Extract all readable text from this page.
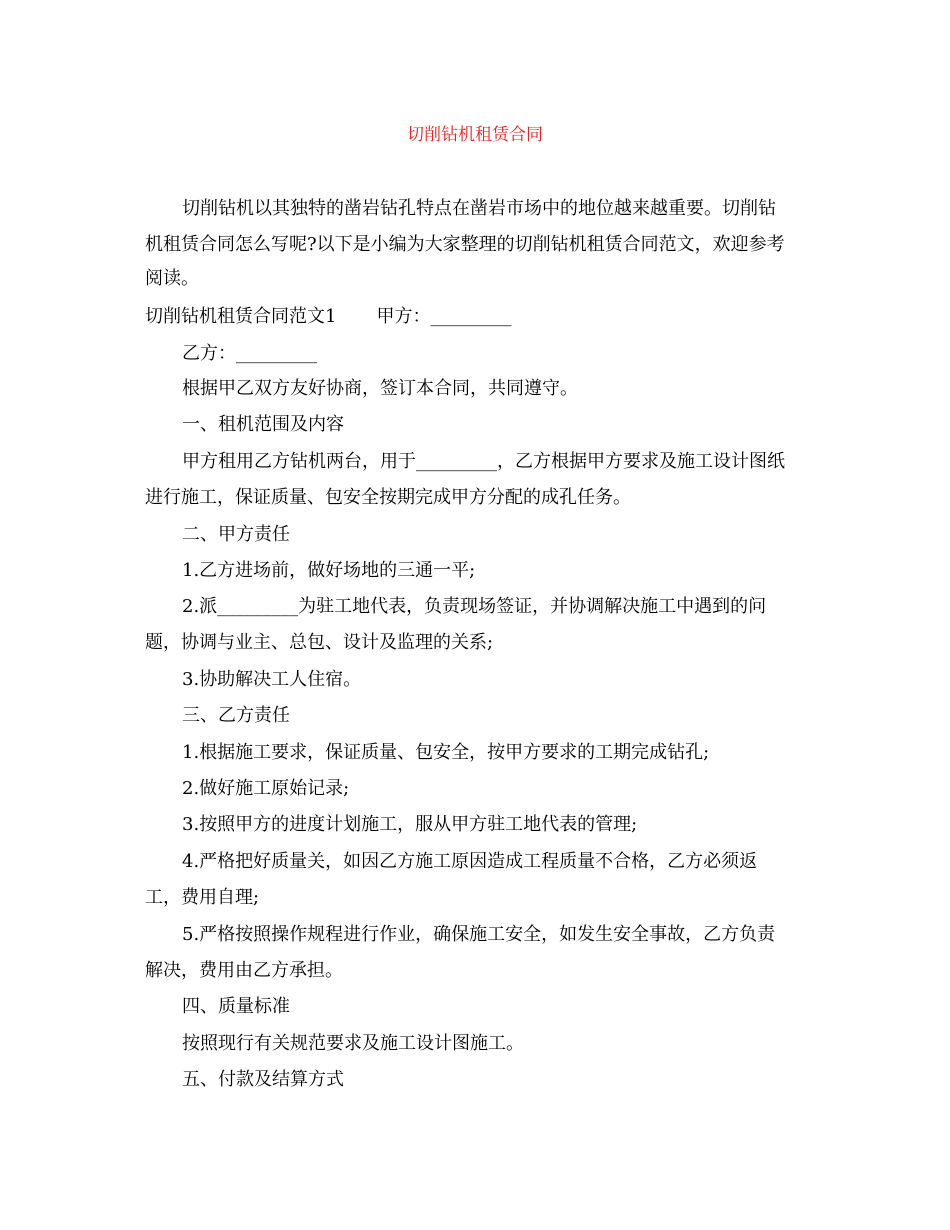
切削钻机租赁合同
切削钻机以其独特的凿岩钻孔特点在凿岩市场中的地位越来越重要。切削钻
机租赁合同怎么写呢?以下是小编为大家整理的切削钻机租赁合同范文，欢迎参考
阅读。
切削钻机租赁合同范文1 甲方：_________
乙方：_________
根据甲乙双方友好协商，签订本合同，共同遵守。
一、租机范围及内容
甲方租用乙方钻机两台，用于_________，乙方根据甲方要求及施工设计图纸
进行施工，保证质量、包安全按期完成甲方分配的成孔任务。
二、甲方责任
1.乙方进场前，做好场地的三通一平;
2.派_________为驻工地代表，负责现场签证，并协调解决施工中遇到的问
题，协调与业主、总包、设计及监理的关系;
3.协助解决工人住宿。
三、乙方责任
1.根据施工要求，保证质量、包安全，按甲方要求的工期完成钻孔;
2.做好施工原始记录;
3.按照甲方的进度计划施工，服从甲方驻工地代表的管理;
4.严格把好质量关，如因乙方施工原因造成工程质量不合格，乙方必须返
工，费用自理;
5.严格按照操作规程进行作业，确保施工安全，如发生安全事故，乙方负责
解决，费用由乙方承担。
四、质量标准
按照现行有关规范要求及施工设计图施工。
五、付款及结算方式
